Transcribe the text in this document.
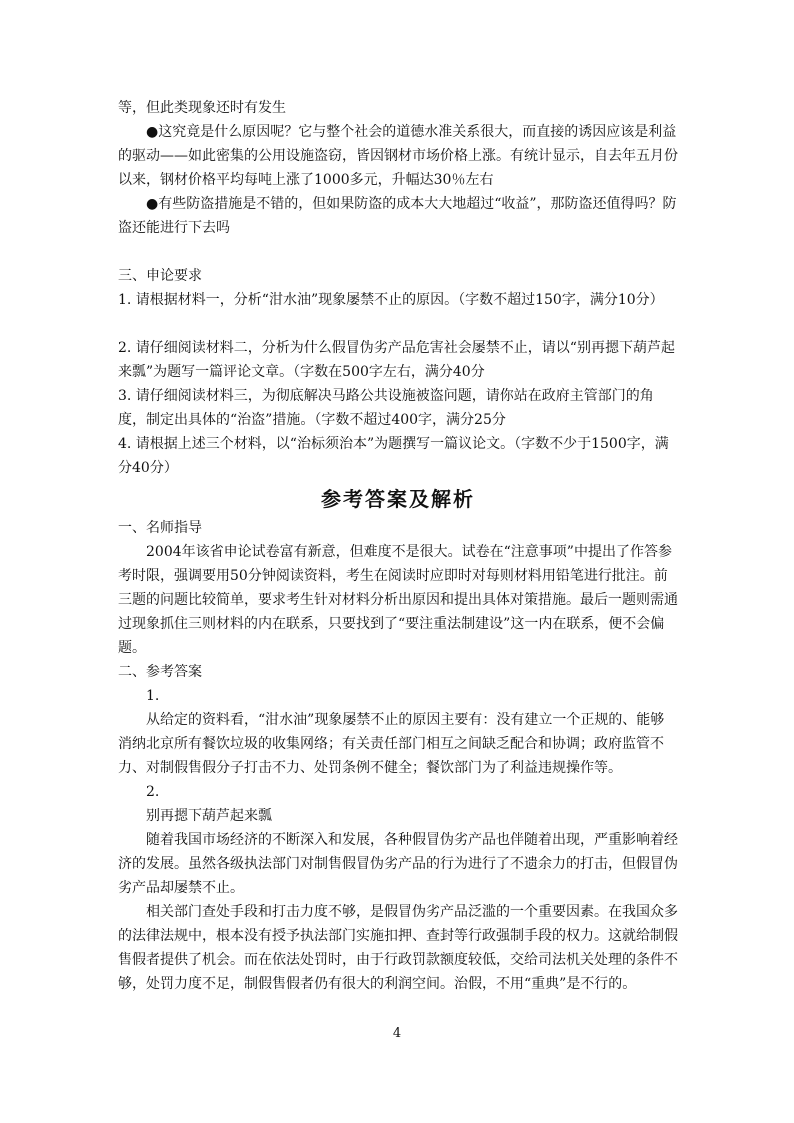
等，但此类现象还时有发生

●这究竟是什么原因呢？它与整个社会的道德水准关系很大，而直接的诱因应该是利益的驱动——如此密集的公用设施盗窃，皆因钢材市场价格上涨。有统计显示，自去年五月份以来，钢材价格平均每吨上涨了1000多元，升幅达30％左右

●有些防盗措施是不错的，但如果防盗的成本大大地超过“收益”，那防盗还值得吗？防盗还能进行下去吗

三、申论要求

1. 请根据材料一，分析“泔水油”现象屡禁不止的原因。（字数不超过150字，满分10分）

2. 请仔细阅读材料二，分析为什么假冒伪劣产品危害社会屡禁不止，请以“别再摁下葫芦起来瓢”为题写一篇评论文章。（字数在500字左右，满分40分

3. 请仔细阅读材料三，为彻底解决马路公共设施被盗问题，请你站在政府主管部门的角度，制定出具体的“治盗”措施。（字数不超过400字，满分25分

4. 请根据上述三个材料，以“治标须治本”为题撰写一篇议论文。（字数不少于1500字，满分40分）

参考答案及解析

一、名师指导

2004年该省申论试卷富有新意，但难度不是很大。试卷在“注意事项”中提出了作答参考时限，强调要用50分钟阅读资料，考生在阅读时应即时对每则材料用铅笔进行批注。前三题的问题比较简单，要求考生针对材料分析出原因和提出具体对策措施。最后一题则需通过现象抓住三则材料的内在联系，只要找到了“要注重法制建设”这一内在联系，便不会偏题。

二、参考答案

1.

从给定的资料看，“泔水油”现象屡禁不止的原因主要有：没有建立一个正规的、能够消纳北京所有餐饮垃圾的收集网络；有关责任部门相互之间缺乏配合和协调；政府监管不力、对制假售假分子打击不力、处罚条例不健全；餐饮部门为了利益违规操作等。

2.

别再摁下葫芦起来瓢

随着我国市场经济的不断深入和发展，各种假冒伪劣产品也伴随着出现，严重影响着经济的发展。虽然各级执法部门对制售假冒伪劣产品的行为进行了不遗余力的打击，但假冒伪劣产品却屡禁不止。

相关部门查处手段和打击力度不够，是假冒伪劣产品泛滥的一个重要因素。在我国众多的法律法规中，根本没有授予执法部门实施扣押、查封等行政强制手段的权力。这就给制假售假者提供了机会。而在依法处罚时，由于行政罚款额度较低，交给司法机关处理的条件不够，处罚力度不足，制假售假者仍有很大的利润空间。治假，不用“重典”是不行的。

4
